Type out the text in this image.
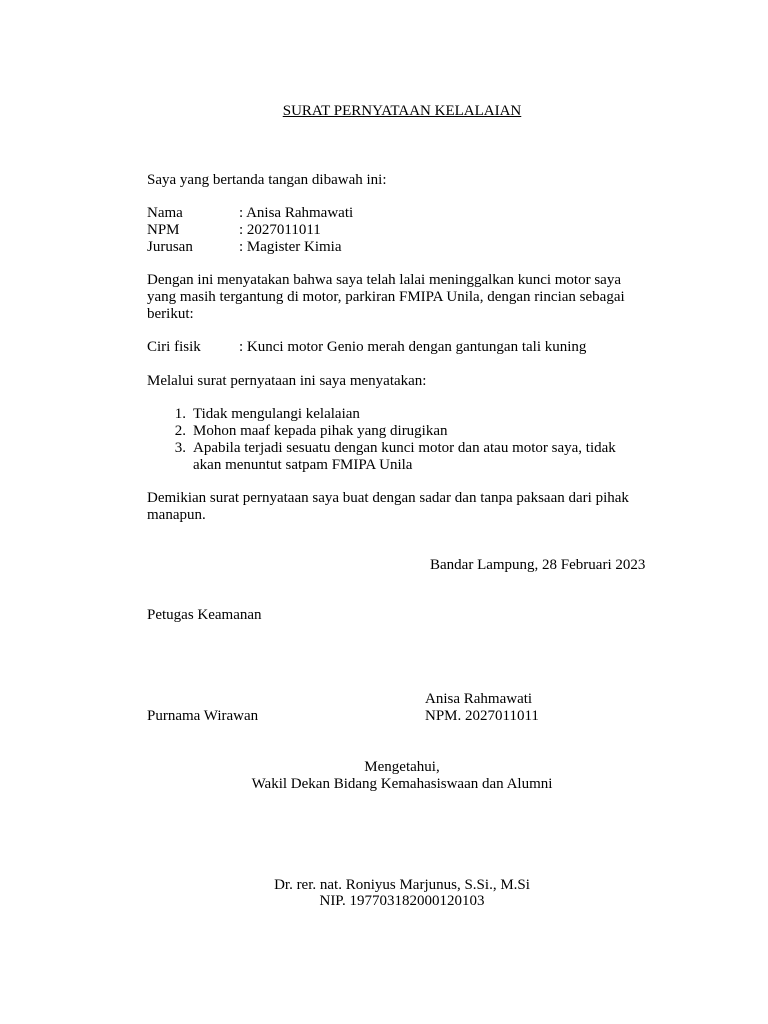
SURAT PERNYATAAN KELALAIAN
Saya yang bertanda tangan dibawah ini:
Nama	: Anisa Rahmawati
NPM	: 2027011011
Jurusan	: Magister Kimia
Dengan ini menyatakan bahwa saya telah lalai meninggalkan kunci motor saya
yang masih tergantung di motor, parkiran FMIPA Unila, dengan rincian sebagai
berikut:
Ciri fisik	: Kunci motor Genio merah dengan gantungan tali kuning
Melalui surat pernyataan ini saya menyatakan:
1. Tidak mengulangi kelalaian
2. Mohon maaf kepada pihak yang dirugikan
3. Apabila terjadi sesuatu dengan kunci motor dan atau motor saya, tidak
akan menuntut satpam FMIPA Unila
Demikian surat pernyataan saya buat dengan sadar dan tanpa paksaan dari pihak
manapun.
Bandar Lampung, 28 Februari 2023
Petugas Keamanan
Anisa Rahmawati
Purnama Wirawan	NPM. 2027011011
Mengetahui,
Wakil Dekan Bidang Kemahasiswaan dan Alumni
Dr. rer. nat. Roniyus Marjunus, S.Si., M.Si
NIP. 197703182000120103
